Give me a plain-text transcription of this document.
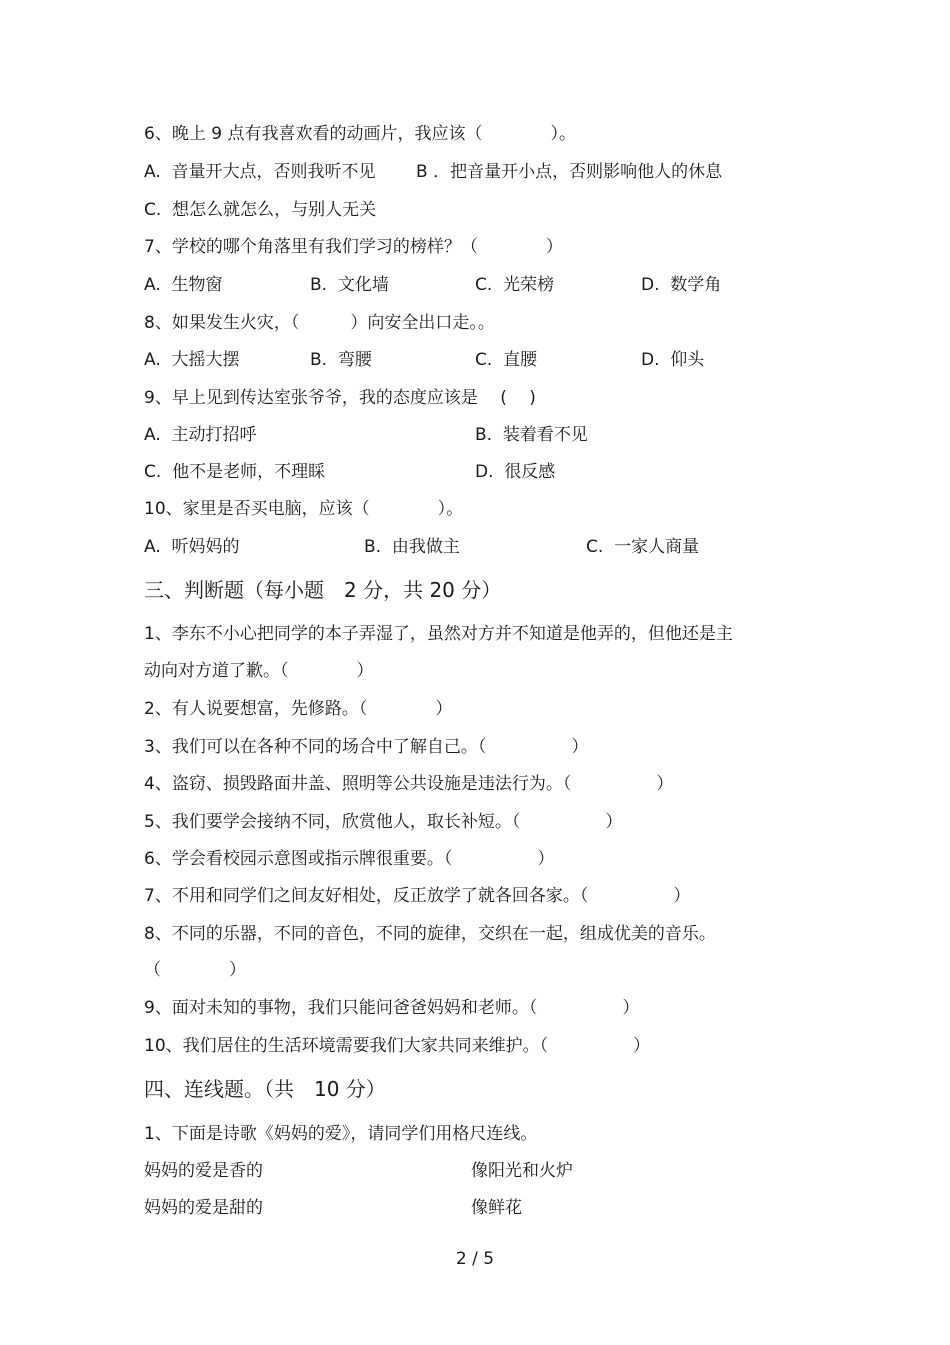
6、晚上 9 点有我喜欢看的动画片，我应该（　　　　）。
A.  音量开大点，否则我听不见 B ．把音量开小点，否则影响他人的休息
C.  想怎么就怎么，与别人无关
7、学校的哪个角落里有我们学习的榜样？（　　　　）
A.  生物窗	B.  文化墙	C.  光荣榜	D.  数学角
8、如果发生火灾，（　　　）向安全出口走。。
A.  大摇大摆	B.  弯腰	C.  直腰	D.  仰头
9、早上见到传达室张爷爷，我的态度应该是　 ( 　)
A.  主动打招呼	B.  装着看不见
C.  他不是老师，不理睬	D.  很反感
10、家里是否买电脑，应该（　　　　）。
A.  听妈妈的	B.  由我做主	C.  一家人商量
三、判断题（每小题　2 分，共 20 分）
1、李东不小心把同学的本子弄湿了，虽然对方并不知道是他弄的，但他还是主
动向对方道了歉。（　　　　）
2、有人说要想富，先修路。（　　　　）
3、我们可以在各种不同的场合中了解自己。（　　　　　）
4、盗窃、损毁路面井盖、照明等公共设施是违法行为。（　　　　　）
5、我们要学会接纳不同，欣赏他人，取长补短。（　　　　　）
6、学会看校园示意图或指示牌很重要。（　　　　　）
7、不用和同学们之间友好相处，反正放学了就各回各家。（　　　　　）
8、不同的乐器，不同的音色，不同的旋律，交织在一起，组成优美的音乐。
（　　　　）
9、面对未知的事物，我们只能问爸爸妈妈和老师。（　　　　　）
10、我们居住的生活环境需要我们大家共同来维护。（　　　　　）
四、连线题。（共　10 分）
1、下面是诗歌《妈妈的爱》，请同学们用格尺连线。
妈妈的爱是香的	像阳光和火炉
妈妈的爱是甜的	像鲜花
2 / 5
